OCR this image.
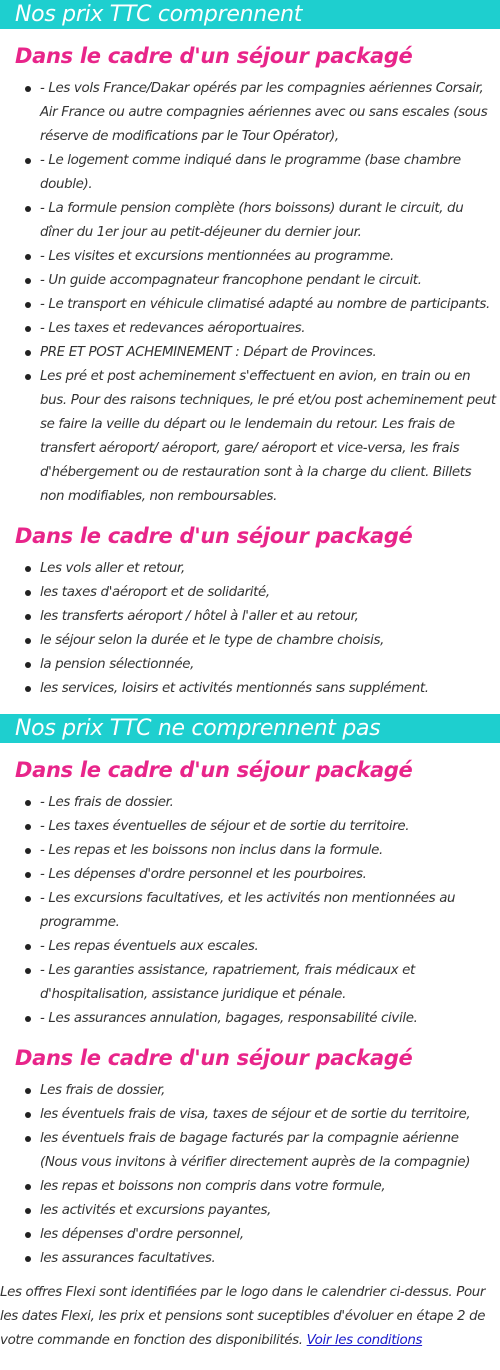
Nos prix TTC comprennent
Dans le cadre d'un séjour packagé
- Les vols France/Dakar opérés par les compagnies aériennes Corsair, Air France ou autre compagnies aériennes avec ou sans escales (sous réserve de modifications par le Tour Opérator),
- Le logement comme indiqué dans le programme (base chambre double).
- La formule pension complète (hors boissons) durant le circuit, du dîner du 1er jour au petit-déjeuner du dernier jour.
- Les visites et excursions mentionnées au programme.
- Un guide accompagnateur francophone pendant le circuit.
- Le transport en véhicule climatisé adapté au nombre de participants.
- Les taxes et redevances aéroportuaires.
PRE ET POST ACHEMINEMENT : Départ de Provinces.
Les pré et post acheminement s'effectuent en avion, en train ou en bus. Pour des raisons techniques, le pré et/ou post acheminement peut se faire la veille du départ ou le lendemain du retour. Les frais de transfert aéroport/ aéroport, gare/ aéroport et vice-versa, les frais d'hébergement ou de restauration sont à la charge du client. Billets non modifiables, non remboursables.
Dans le cadre d'un séjour packagé
Les vols aller et retour,
les taxes d'aéroport et de solidarité,
les transferts aéroport / hôtel à l'aller et au retour,
le séjour selon la durée et le type de chambre choisis,
la pension sélectionnée,
les services, loisirs et activités mentionnés sans supplément.
Nos prix TTC ne comprennent pas
Dans le cadre d'un séjour packagé
- Les frais de dossier.
- Les taxes éventuelles de séjour et de sortie du territoire.
- Les repas et les boissons non inclus dans la formule.
- Les dépenses d'ordre personnel et les pourboires.
- Les excursions facultatives, et les activités non mentionnées au programme.
- Les repas éventuels aux escales.
- Les garanties assistance, rapatriement, frais médicaux et d'hospitalisation, assistance juridique et pénale.
- Les assurances annulation, bagages, responsabilité civile.
Dans le cadre d'un séjour packagé
Les frais de dossier,
les éventuels frais de visa, taxes de séjour et de sortie du territoire,
les éventuels frais de bagage facturés par la compagnie aérienne (Nous vous invitons à vérifier directement auprès de la compagnie)
les repas et boissons non compris dans votre formule,
les activités et excursions payantes,
les dépenses d'ordre personnel,
les assurances facultatives.

Les offres Flexi sont identifiées par le logo dans le calendrier ci-dessus. Pour les dates Flexi, les prix et pensions sont suceptibles d'évoluer en étape 2 de votre commande en fonction des disponibilités. Voir les conditions
